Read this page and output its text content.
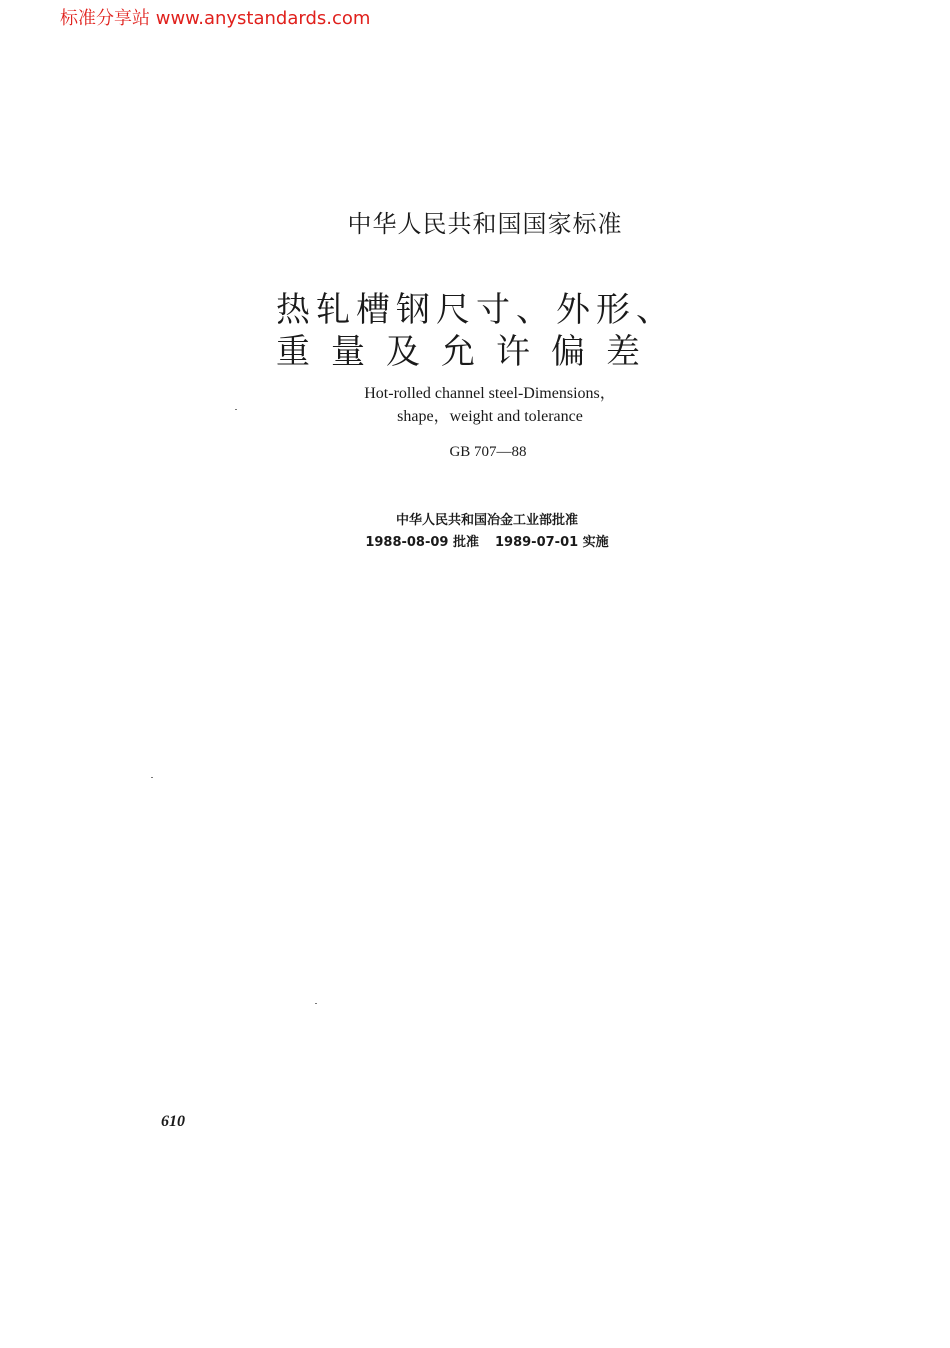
标准分享站 www.anystandards.com
中华人民共和国国家标准
热轧槽钢尺寸、外形、
重量及允许偏差
Hot-rolled channel steel-Dimensions，
shape，weight and tolerance
GB 707—88
中华人民共和国冶金工业部批准
1988-08-09 批准 1989-07-01 实施
610
